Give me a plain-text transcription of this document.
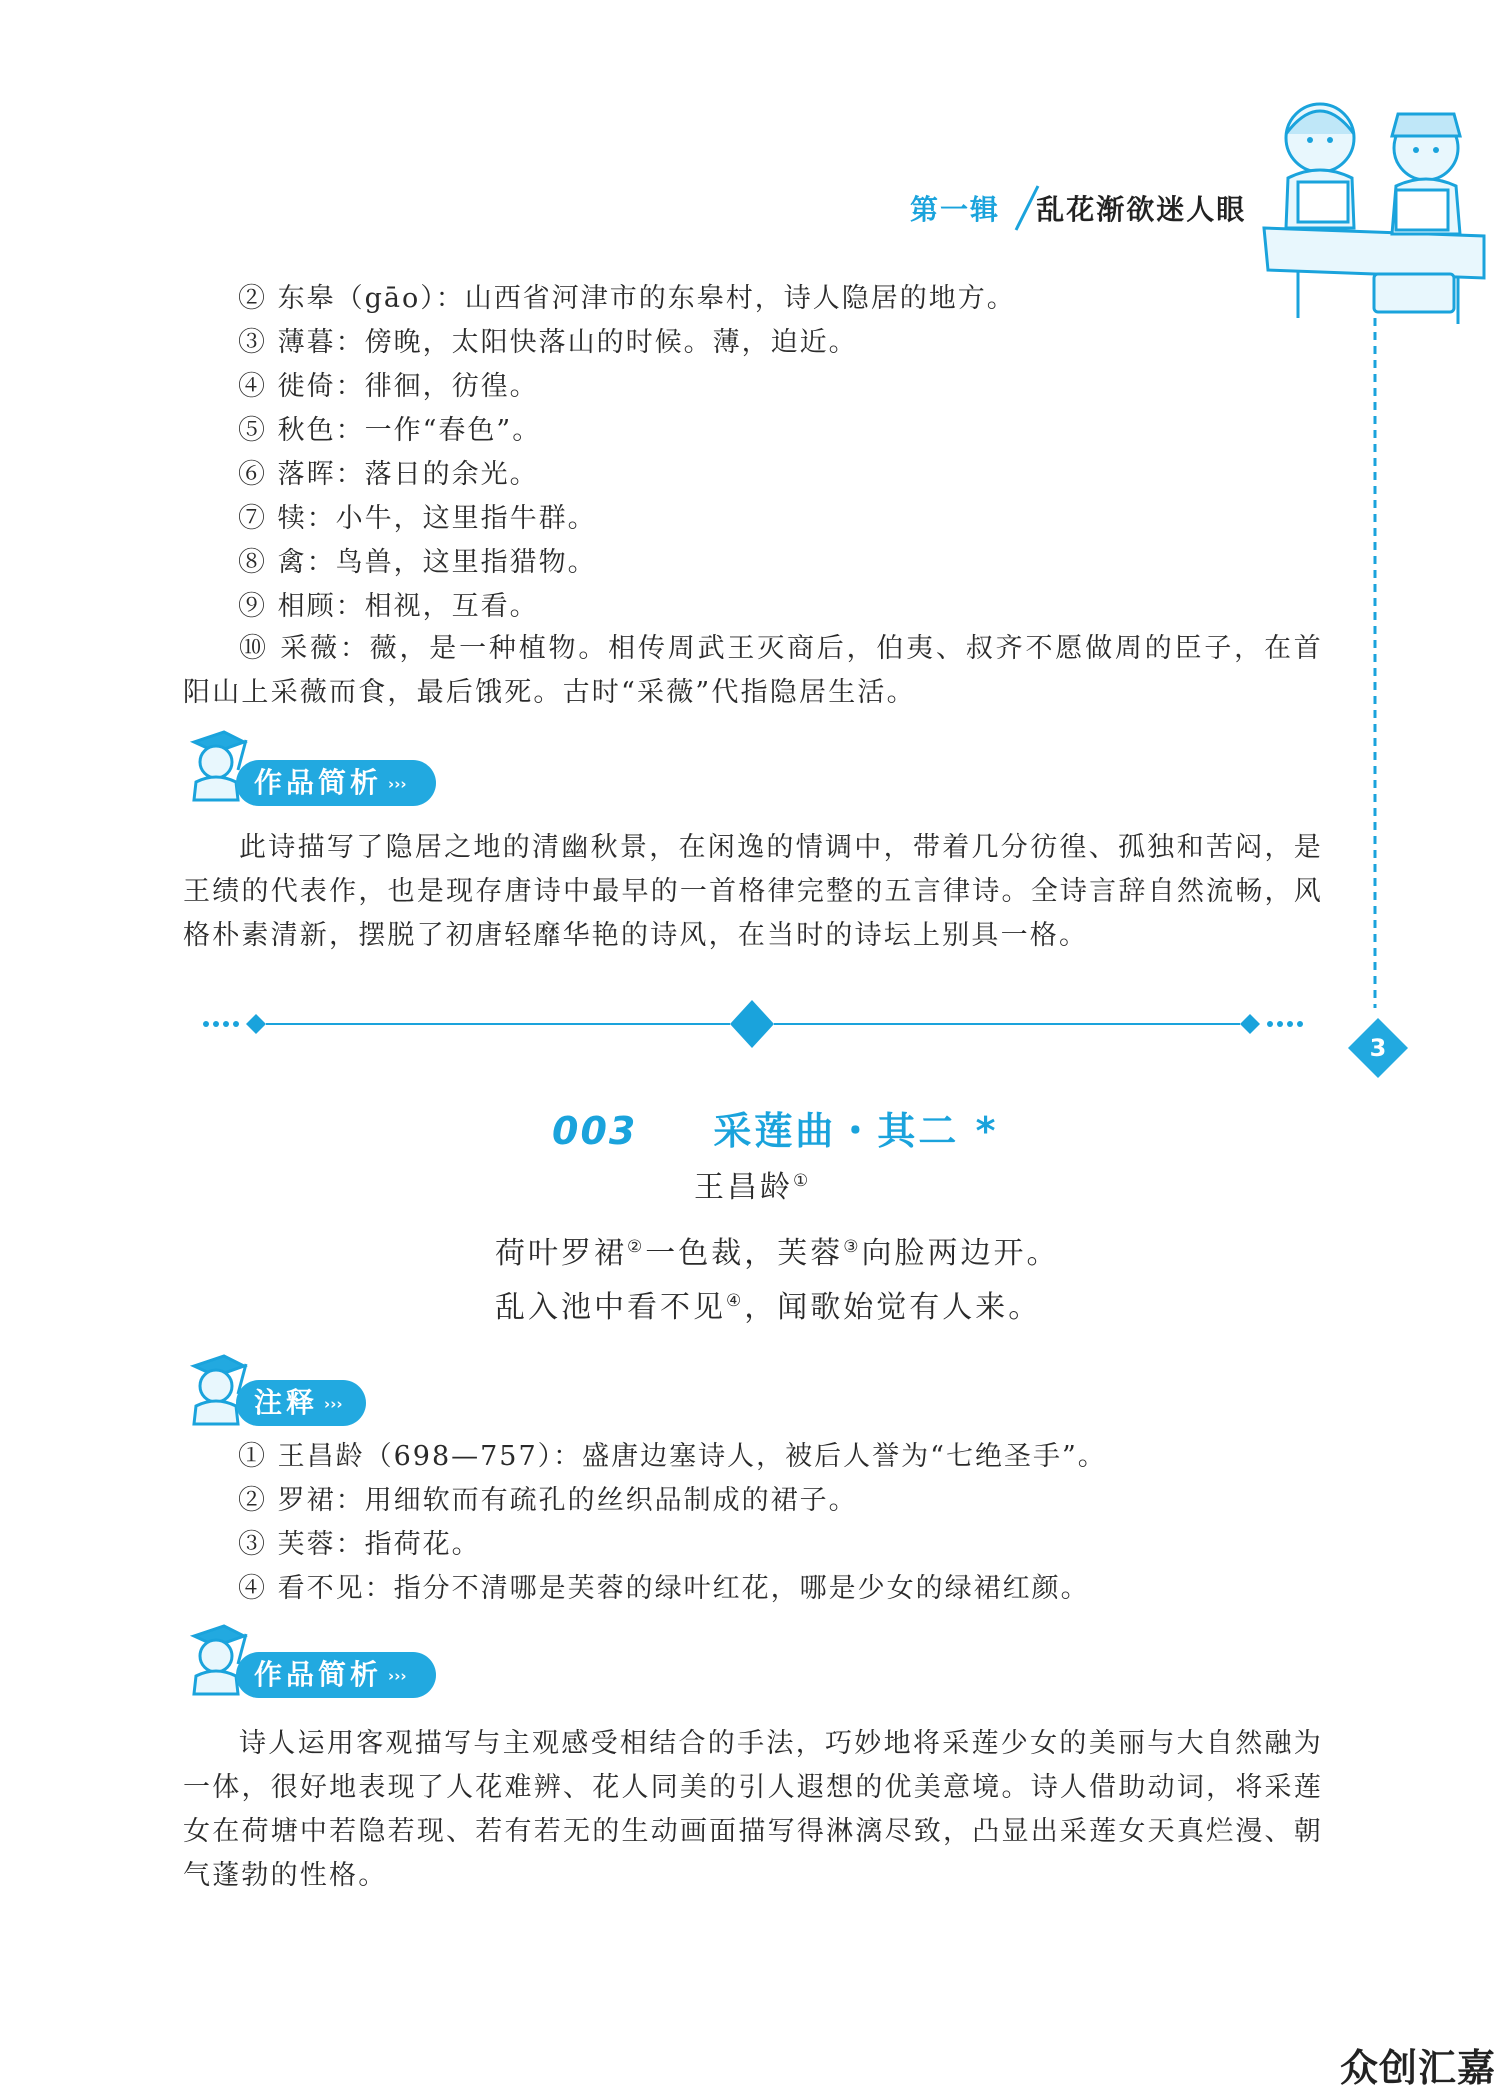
第一辑 乱花渐欲迷人眼
3
② 东皋（gāo）：山西省河津市的东皋村，诗人隐居的地方。
③ 薄暮：傍晚，太阳快落山的时候。薄，迫近。
④ 徙倚：徘徊，彷徨。
⑤ 秋色：一作“春色”。
⑥ 落晖：落日的余光。
⑦ 犊：小牛，这里指牛群。
⑧ 禽：鸟兽，这里指猎物。
⑨ 相顾：相视，互看。
⑩ 采薇：薇，是一种植物。相传周武王灭商后，伯夷、叔齐不愿做周的臣子，在首阳山上采薇而食，最后饿死。古时“采薇”代指隐居生活。
作品简析 ›››
此诗描写了隐居之地的清幽秋景，在闲逸的情调中，带着几分彷徨、孤独和苦闷，是王绩的代表作，也是现存唐诗中最早的一首格律完整的五言律诗。全诗言辞自然流畅，风格朴素清新，摆脱了初唐轻靡华艳的诗风，在当时的诗坛上别具一格。
003 采莲曲・其二 *
王昌龄①
荷叶罗裙②一色裁，芙蓉③向脸两边开。
乱入池中看不见④，闻歌始觉有人来。
注释 ›››
① 王昌龄（698—757）：盛唐边塞诗人，被后人誉为“七绝圣手”。
② 罗裙：用细软而有疏孔的丝织品制成的裙子。
③ 芙蓉：指荷花。
④ 看不见：指分不清哪是芙蓉的绿叶红花，哪是少女的绿裙红颜。
作品简析 ›››
诗人运用客观描写与主观感受相结合的手法，巧妙地将采莲少女的美丽与大自然融为一体，很好地表现了人花难辨、花人同美的引人遐想的优美意境。诗人借助动词，将采莲女在荷塘中若隐若现、若有若无的生动画面描写得淋漓尽致，凸显出采莲女天真烂漫、朝气蓬勃的性格。
众创汇嘉
